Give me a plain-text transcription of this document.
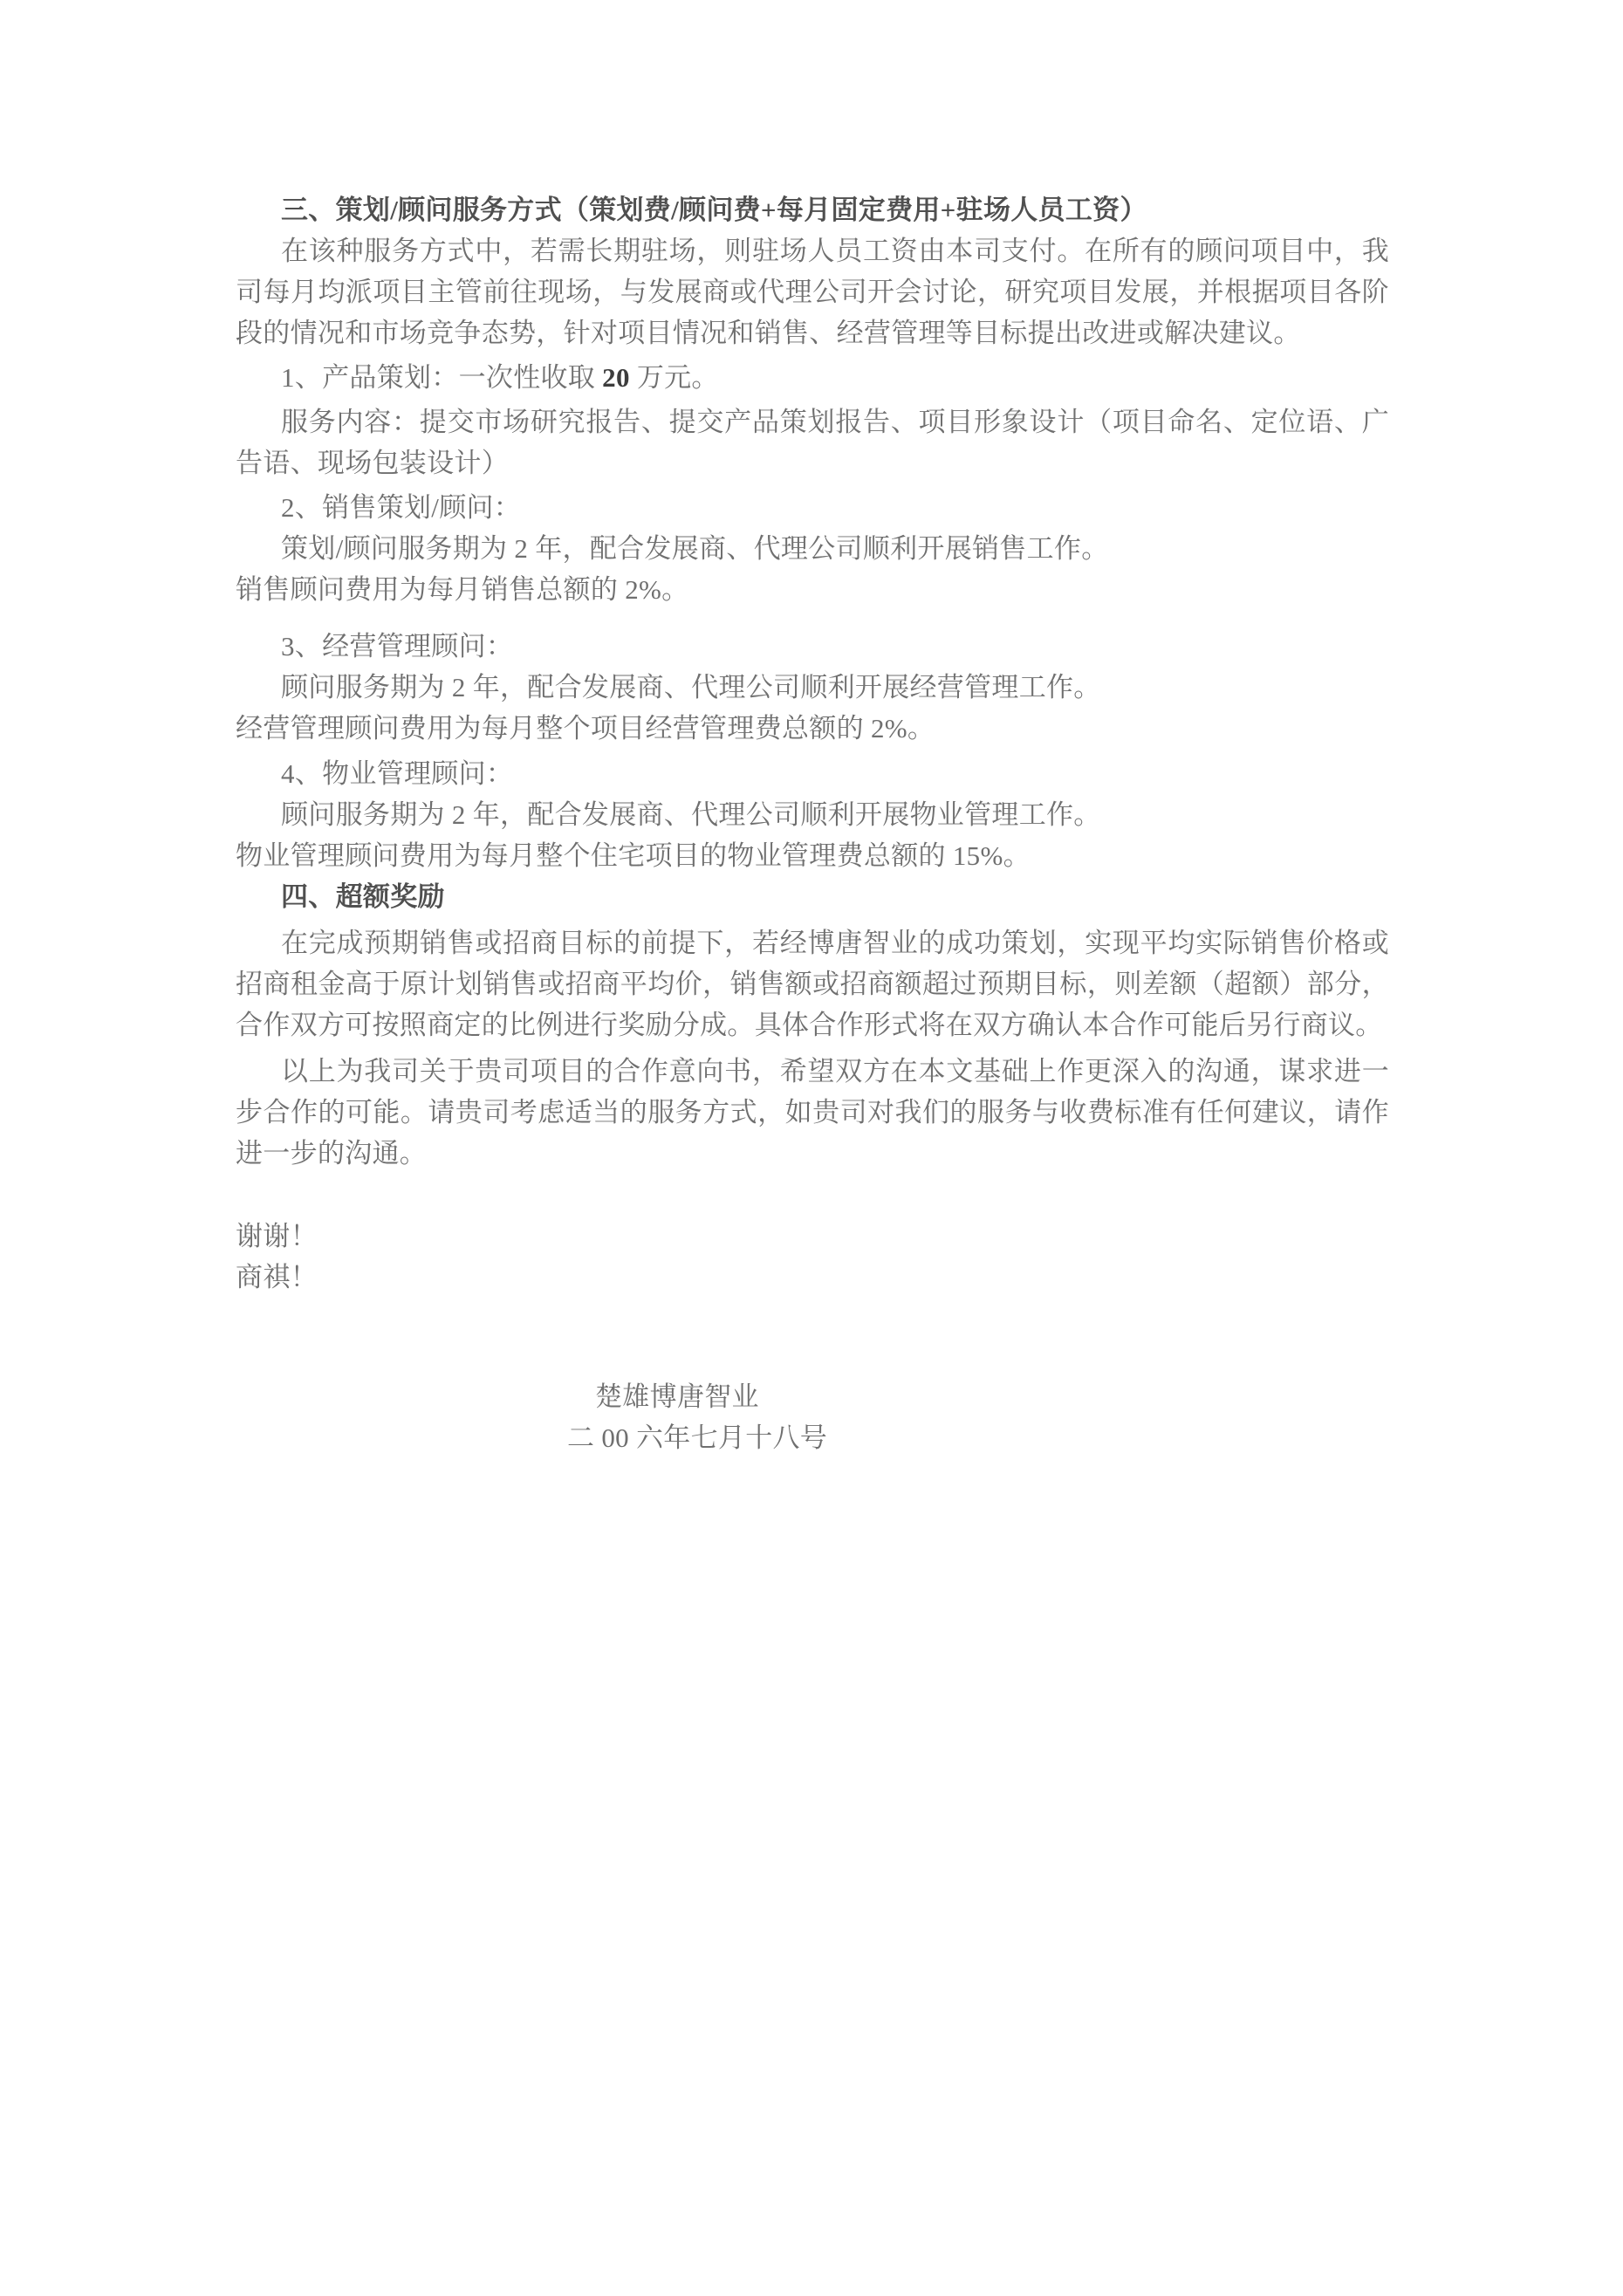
三、策划/顾问服务方式（策划费/顾问费+每月固定费用+驻场人员工资）
在该种服务方式中，若需长期驻场，则驻场人员工资由本司支付。在所有的顾问项目中，我司每月均派项目主管前往现场，与发展商或代理公司开会讨论，研究项目发展，并根据项目各阶段的情况和市场竞争态势，针对项目情况和销售、经营管理等目标提出改进或解决建议。
1、产品策划：一次性收取 20 万元。
服务内容：提交市场研究报告、提交产品策划报告、项目形象设计（项目命名、定位语、广告语、现场包装设计）
2、销售策划/顾问：
策划/顾问服务期为 2 年，配合发展商、代理公司顺利开展销售工作。
销售顾问费用为每月销售总额的 2%。
3、经营管理顾问：
顾问服务期为 2 年，配合发展商、代理公司顺利开展经营管理工作。
经营管理顾问费用为每月整个项目经营管理费总额的 2%。
4、物业管理顾问：
顾问服务期为 2 年，配合发展商、代理公司顺利开展物业管理工作。
物业管理顾问费用为每月整个住宅项目的物业管理费总额的 15%。
四、超额奖励
在完成预期销售或招商目标的前提下，若经博唐智业的成功策划，实现平均实际销售价格或招商租金高于原计划销售或招商平均价，销售额或招商额超过预期目标，则差额（超额）部分，合作双方可按照商定的比例进行奖励分成。具体合作形式将在双方确认本合作可能后另行商议。
以上为我司关于贵司项目的合作意向书，希望双方在本文基础上作更深入的沟通，谋求进一步合作的可能。请贵司考虑适当的服务方式，如贵司对我们的服务与收费标准有任何建议，请作进一步的沟通。
谢谢！
商祺！
楚雄博唐智业
二 00 六年七月十八号
